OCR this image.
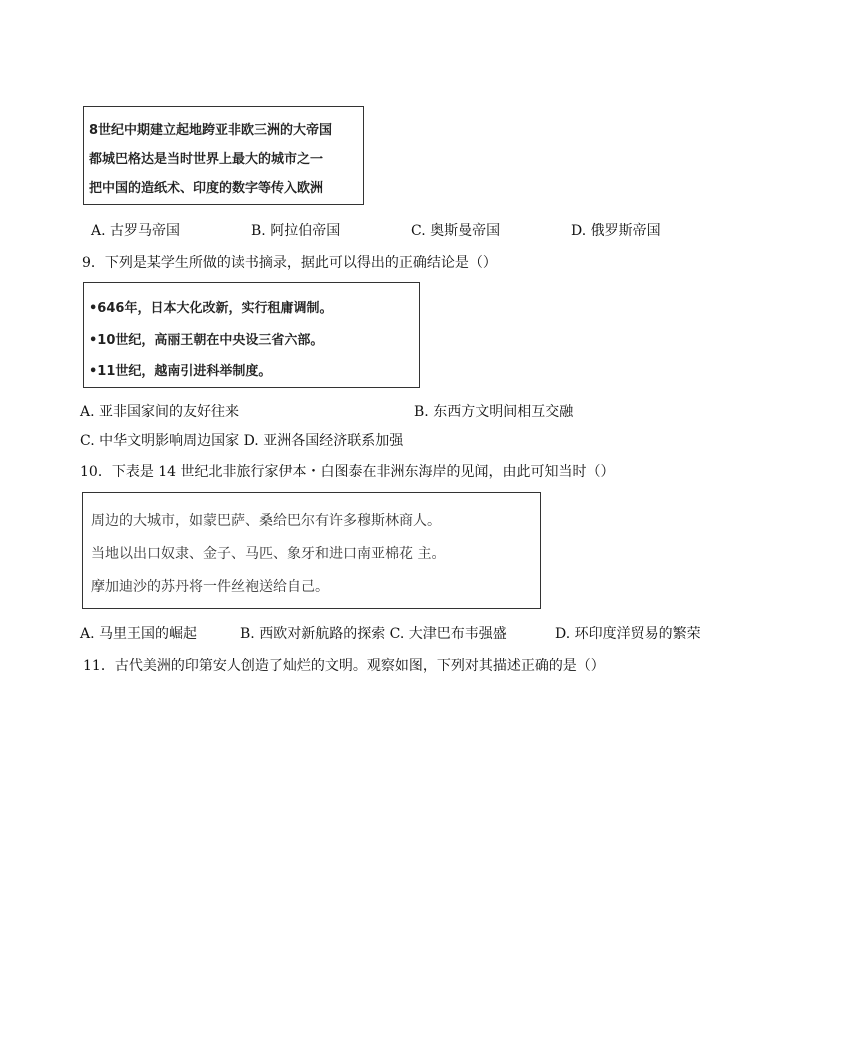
8世纪中期建立起地跨亚非欧三洲的大帝国
都城巴格达是当时世界上最大的城市之一
把中国的造纸术、印度的数字等传入欧洲
A. 古罗马帝国	B. 阿拉伯帝国	C. 奥斯曼帝国	D. 俄罗斯帝国
9．下列是某学生所做的读书摘录，据此可以得出的正确结论是（）
•646年，日本大化改新，实行租庸调制。
•10世纪，高丽王朝在中央设三省六部。
•11世纪，越南引进科举制度。
A. 亚非国家间的友好往来	B. 东西方文明间相互交融
C. 中华文明影响周边国家 D. 亚洲各国经济联系加强
10．下表是 14 世纪北非旅行家伊本・白图泰在非洲东海岸的见闻，由此可知当时（）
周边的大城市，如蒙巴萨、桑给巴尔有许多穆斯林商人。
当地以出口奴隶、金子、马匹、象牙和进口南亚棉花 主。
摩加迪沙的苏丹将一件丝袍送给自己。
A. 马里王国的崛起	B. 西欧对新航路的探索 C. 大津巴布韦强盛	D. 环印度洋贸易的繁荣
11．古代美洲的印第安人创造了灿烂的文明。观察如图，下列对其描述正确的是（）
